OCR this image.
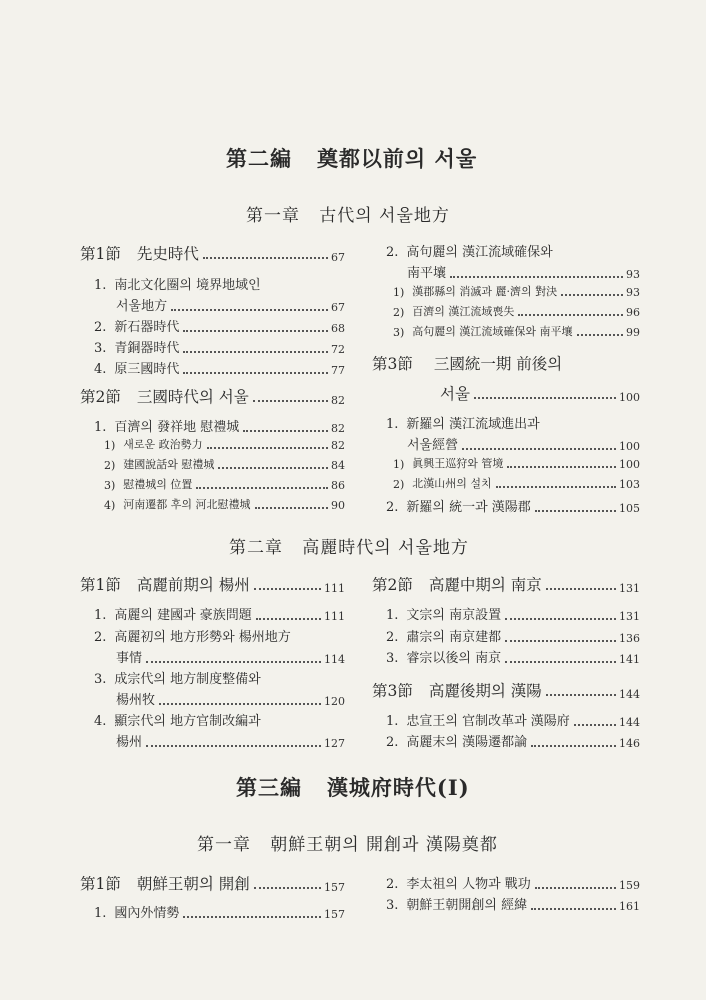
第二編 奠都以前의 서울
第一章 古代의 서울地方
第1節 先史時代	67
1. 南北文化圈의 境界地域인
서울地方	67
2. 新石器時代	68
3. 青銅器時代	72
4. 原三國時代	77
第2節 三國時代의 서울	82
1. 百濟의 發祥地 慰禮城	82
1) 새로운 政治勢力	82
2) 建國說話와 慰禮城	84
3) 慰禮城의 位置	86
4) 河南遷都 후의 河北慰禮城	90
2. 高句麗의 漢江流域確保와
南平壤	93
1) 漢郡縣의 消滅과 麗·濟의 對決	93
2) 百濟의 漢江流域喪失	96
3) 高句麗의 漢江流域確保와 南平壤	99
第3節 三國統一期 前後의
서울	100
1. 新羅의 漢江流域進出과
서울經營	100
1) 眞興王巡狩와 管境	100
2) 北漢山州의 설치	103
2. 新羅의 統一과 漢陽郡	105
第二章 高麗時代의 서울地方
第1節 高麗前期의 楊州	111
1. 高麗의 建國과 豪族問題	111
2. 高麗初의 地方形勢와 楊州地方
事情	114
3. 成宗代의 地方制度整備와
楊州牧	120
4. 顯宗代의 地方官制改編과
楊州	127
第2節 高麗中期의 南京	131
1. 文宗의 南京設置	131
2. 肅宗의 南京建都	136
3. 睿宗以後의 南京	141
第3節 高麗後期의 漢陽	144
1. 忠宣王의 官制改革과 漢陽府	144
2. 高麗末의 漢陽遷都論	146
第三編 漢城府時代(Ⅰ)
第一章 朝鮮王朝의 開創과 漢陽奠都
第1節 朝鮮王朝의 開創	157
1. 國內外情勢	157
2. 李太祖의 人物과 戰功	159
3. 朝鮮王朝開創의 經緯	161
